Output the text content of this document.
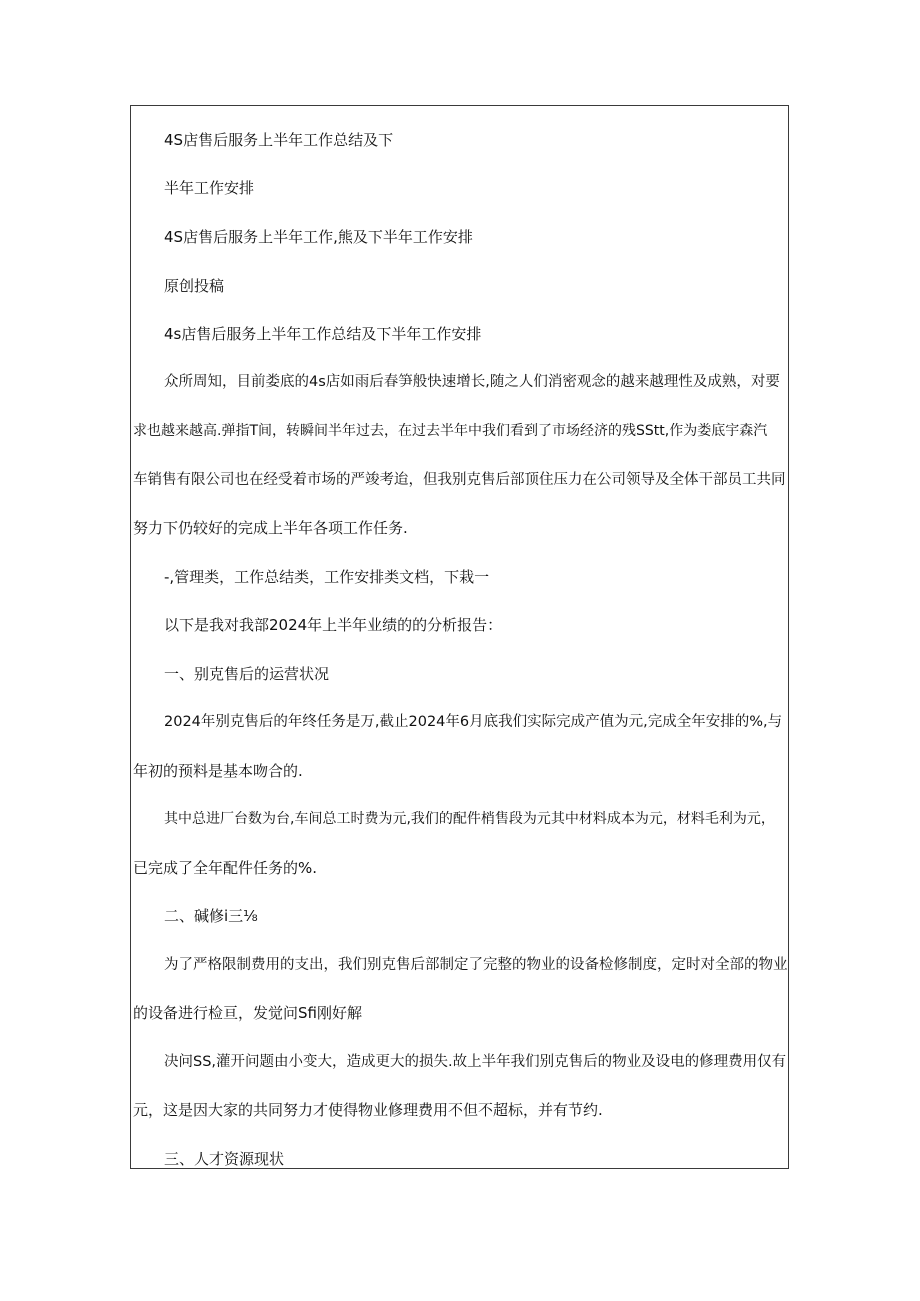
4S店售后服务上半年工作总结及下
半年工作安排
4S店售后服务上半年工作,熊及下半年工作安排
原创投稿
4s店售后服务上半年工作总结及下半年工作安排
众所周知，目前娄底的4s店如雨后春笋般快速增长,随之人们消密观念的越来越理性及成熟，对要
求也越来越高.弹指T间，转瞬间半年过去，在过去半年中我们看到了市场经济的残SStt,作为娄底宇森汽
车销售有限公司也在经受着市场的严竣考迨，但我别克售后部顶住压力在公司领导及全体干部员工共同
努力下仍较好的完成上半年各项工作任务.
-,管理类，工作总结类，工作安排类文档，下栽一
以下是我对我部2024年上半年业绩的的分析报告：
一、别克售后的运营状况
2024年别克售后的年终任务是万,截止2024年6月底我们实际完成产值为元,完成全年安排的%,与
年初的预料是基本吻合的.
其中总进厂台数为台,车间总工时费为元,我们的配件梢售段为元其中材料成本为元，材料毛利为元，
已完成了全年配件任务的%.
二、碱修i三⅛
为了严格限制费用的支出，我们别克售后部制定了完整的物业的设备检修制度，定时对全部的物业
的设备进行检亘，发觉问Sfi刚好解
决问SS,灌开问题由小变大，造成更大的损失.故上半年我们别克售后的物业及设电的修理费用仅有
元，这是因大家的共同努力才使得物业修理费用不但不超标，并有节约.
三、人才资源现状
